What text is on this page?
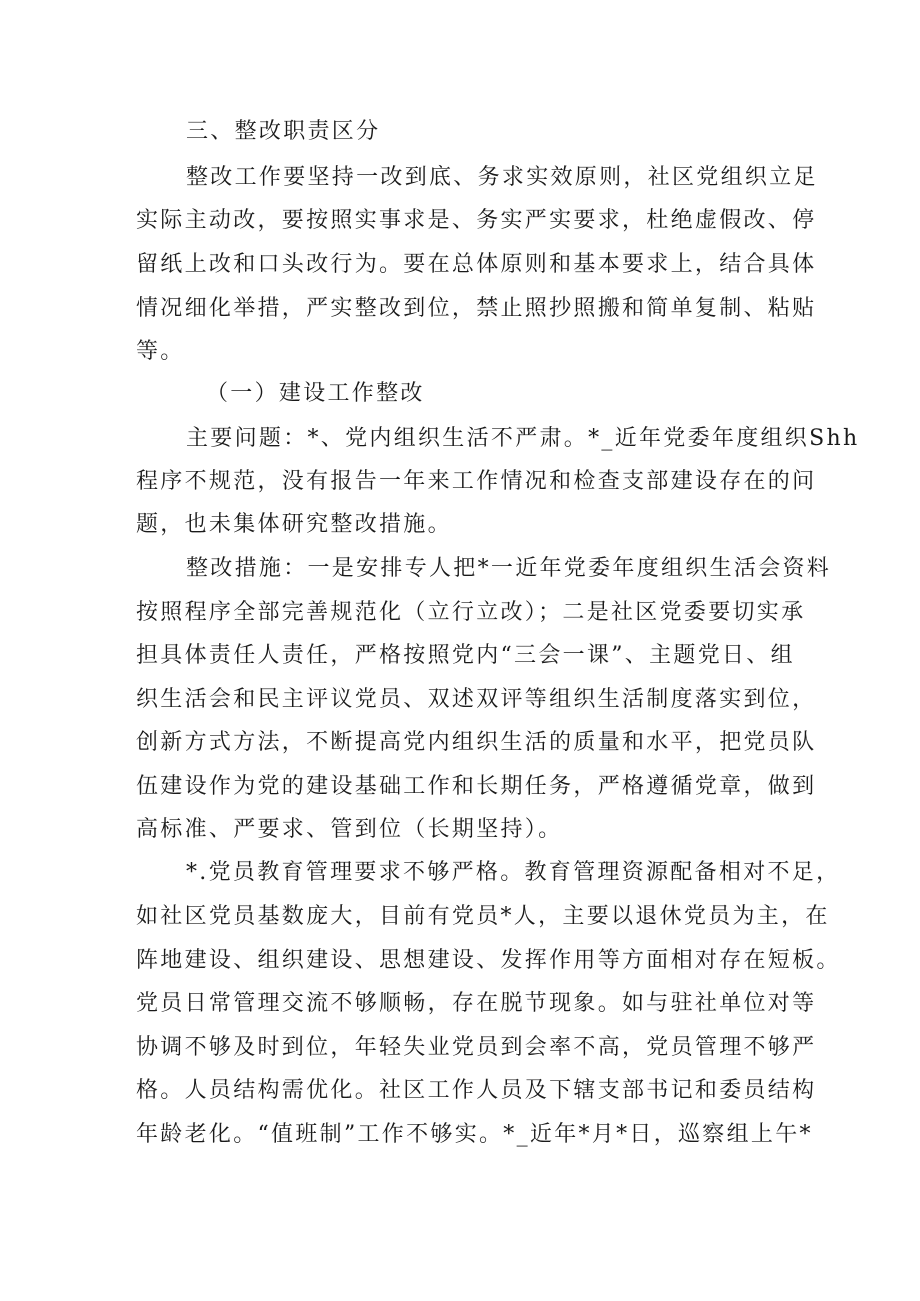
三、整改职责区分
整改工作要坚持一改到底、务求实效原则，社区党组织立足
实际主动改，要按照实事求是、务实严实要求，杜绝虚假改、停
留纸上改和口头改行为。要在总体原则和基本要求上，结合具体
情况细化举措，严实整改到位，禁止照抄照搬和简单复制、粘贴
等。
（一）建设工作整改
主要问题：*、党内组织生活不严肃。*_近年党委年度组织Shh
程序不规范，没有报告一年来工作情况和检查支部建设存在的问
题，也未集体研究整改措施。
整改措施：一是安排专人把*一近年党委年度组织生活会资料
按照程序全部完善规范化（立行立改）；二是社区党委要切实承
担具体责任人责任，严格按照党内“三会一课”、主题党日、组
织生活会和民主评议党员、双述双评等组织生活制度落实到位，
创新方式方法，不断提高党内组织生活的质量和水平，把党员队
伍建设作为党的建设基础工作和长期任务，严格遵循党章，做到
高标准、严要求、管到位（长期坚持）。
*.党员教育管理要求不够严格。教育管理资源配备相对不足，
如社区党员基数庞大，目前有党员*人，主要以退休党员为主，在
阵地建设、组织建设、思想建设、发挥作用等方面相对存在短板。
党员日常管理交流不够顺畅，存在脱节现象。如与驻社单位对等
协调不够及时到位，年轻失业党员到会率不高，党员管理不够严
格。人员结构需优化。社区工作人员及下辖支部书记和委员结构
年龄老化。“值班制”工作不够实。*_近年*月*日，巡察组上午*
